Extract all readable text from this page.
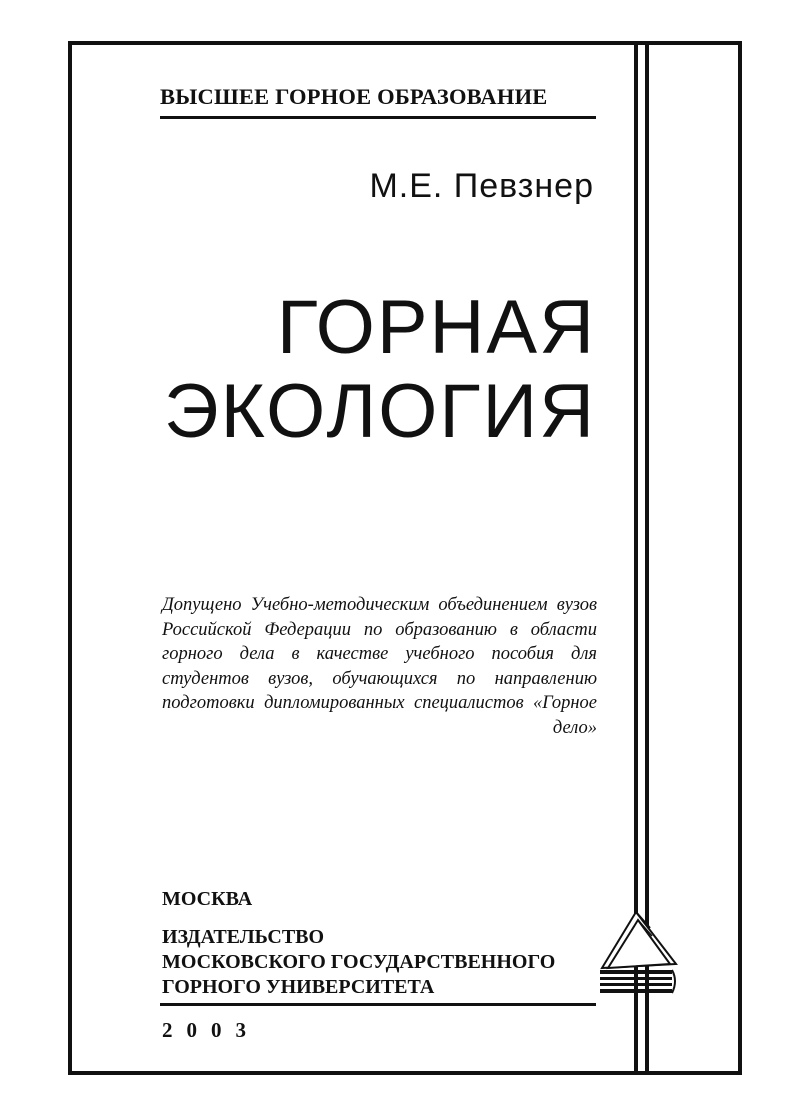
ВЫСШЕЕ ГОРНОЕ ОБРАЗОВАНИЕ
М.Е. Певзнер
ГОРНАЯ
ЭКОЛОГИЯ
Допущено Учебно-методическим объединением вузов Российской Федерации по образованию в области горного дела в качестве учебного пособия для студентов вузов, обучающихся по направлению подготовки дипломированных специалистов «Горное дело»
МОСКВА
ИЗДАТЕЛЬСТВО
МОСКОВСКОГО ГОСУДАРСТВЕННОГО
ГОРНОГО УНИВЕРСИТЕТА
2003
